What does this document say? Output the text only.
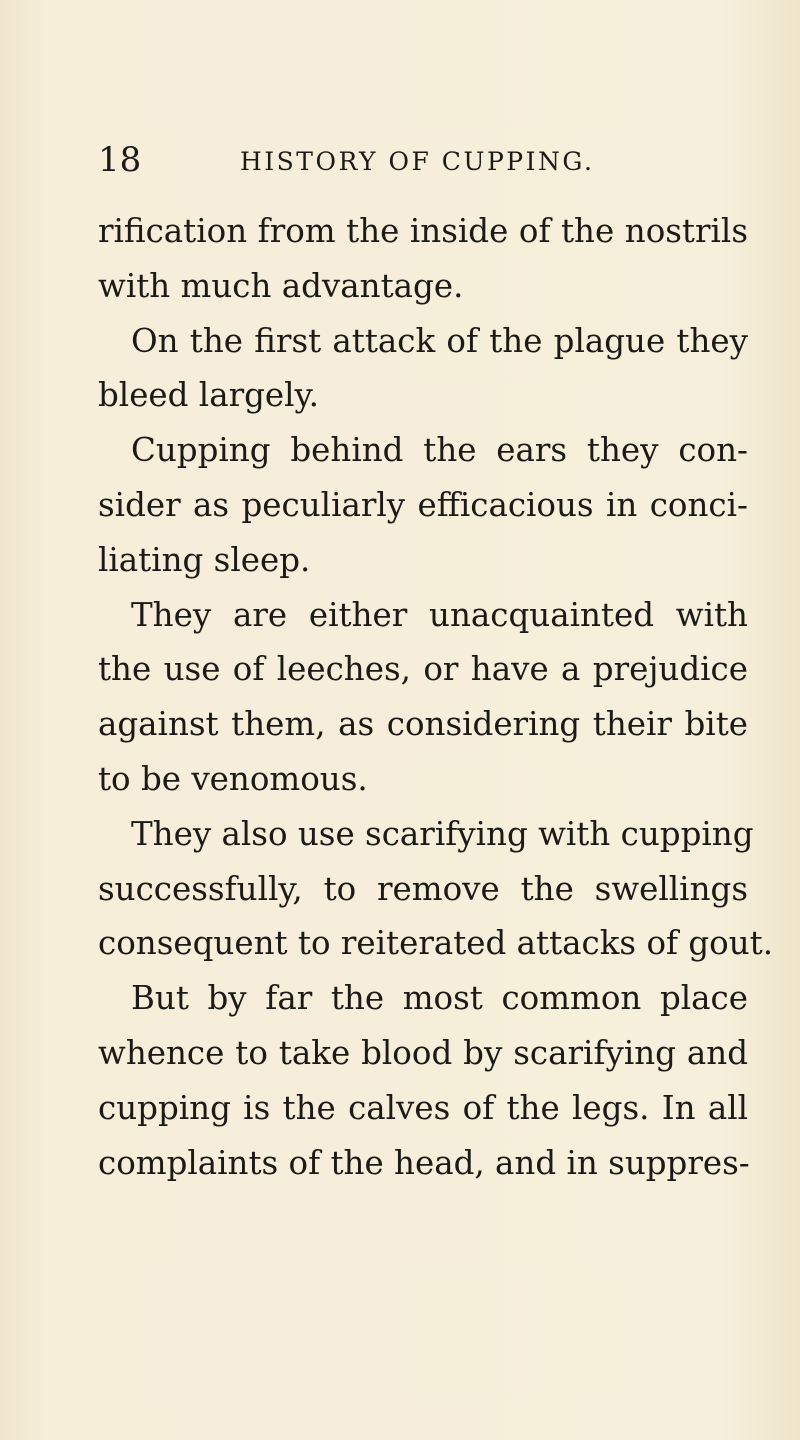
18	HISTORY OF CUPPING.
rification from the inside of the nostrils
with much advantage.
On the first attack of the plague they
bleed largely.
Cupping behind the ears they con-
sider as peculiarly efficacious in conci-
liating sleep.
They are either unacquainted with
the use of leeches, or have a prejudice
against them, as considering their bite
to be venomous.
They also use scarifying with cupping
successfully, to remove the swellings
consequent to reiterated attacks of gout.
But by far the most common place
whence to take blood by scarifying and
cupping is the calves of the legs. In all
complaints of the head, and in suppres-
